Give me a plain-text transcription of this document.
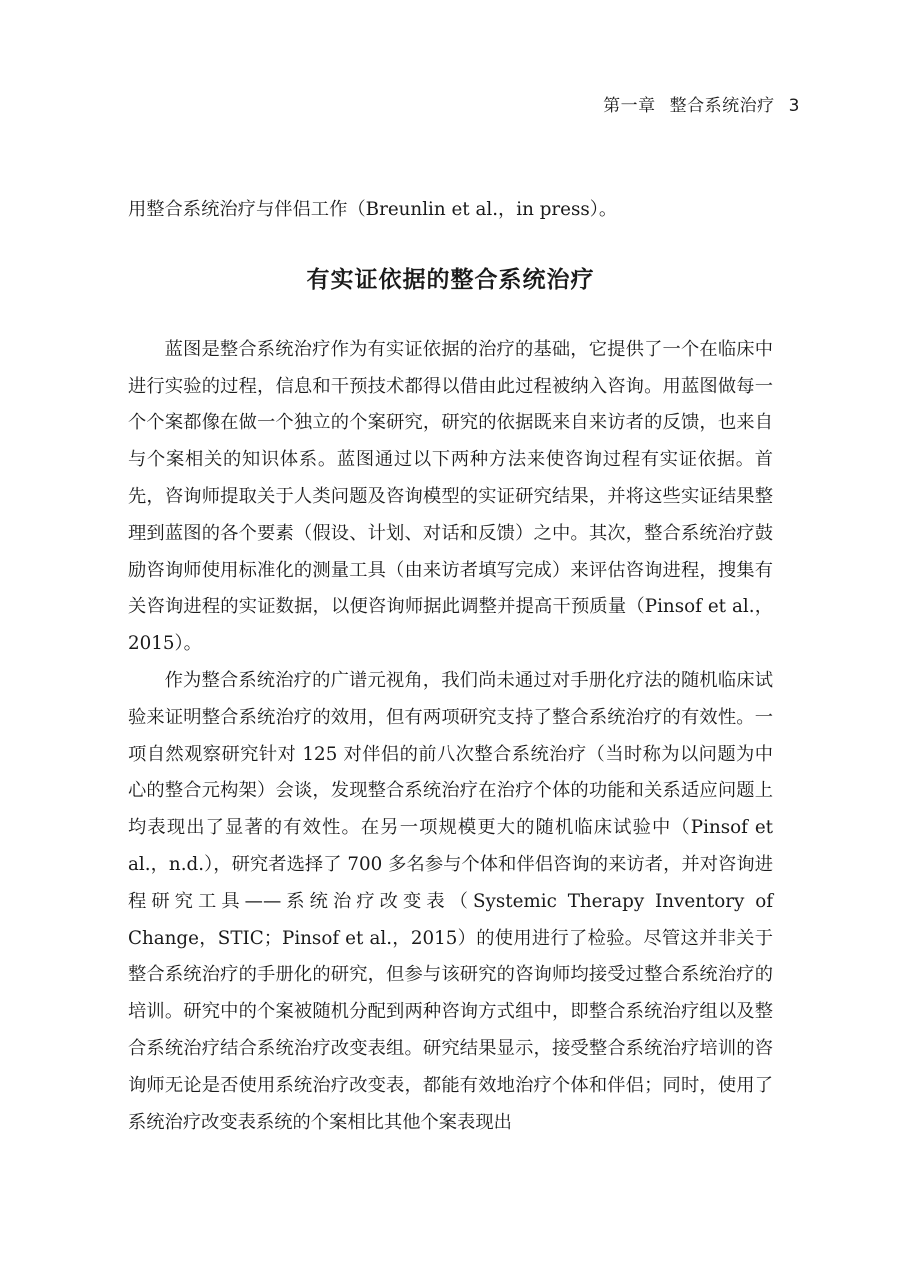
第一章 整合系统治疗 3

用整合系统治疗与伴侣工作（Breunlin et al.，in press）。

有实证依据的整合系统治疗

蓝图是整合系统治疗作为有实证依据的治疗的基础，它提供了一个在临床中进行实验的过程，信息和干预技术都得以借由此过程被纳入咨询。用蓝图做每一个个案都像在做一个独立的个案研究，研究的依据既来自来访者的反馈，也来自与个案相关的知识体系。蓝图通过以下两种方法来使咨询过程有实证依据。首先，咨询师提取关于人类问题及咨询模型的实证研究结果，并将这些实证结果整理到蓝图的各个要素（假设、计划、对话和反馈）之中。其次，整合系统治疗鼓励咨询师使用标准化的测量工具（由来访者填写完成）来评估咨询进程，搜集有关咨询进程的实证数据，以便咨询师据此调整并提高干预质量（Pinsof et al.，2015）。

作为整合系统治疗的广谱元视角，我们尚未通过对手册化疗法的随机临床试验来证明整合系统治疗的效用，但有两项研究支持了整合系统治疗的有效性。一项自然观察研究针对 125 对伴侣的前八次整合系统治疗（当时称为以问题为中心的整合元构架）会谈，发现整合系统治疗在治疗个体的功能和关系适应问题上均表现出了显著的有效性。在另一项规模更大的随机临床试验中（Pinsof et al.，n.d.），研究者选择了 700 多名参与个体和伴侣咨询的来访者，并对咨询进程研究工具——系统治疗改变表（Systemic Therapy Inventory of Change，STIC；Pinsof et al.，2015）的使用进行了检验。尽管这并非关于整合系统治疗的手册化的研究，但参与该研究的咨询师均接受过整合系统治疗的培训。研究中的个案被随机分配到两种咨询方式组中，即整合系统治疗组以及整合系统治疗结合系统治疗改变表组。研究结果显示，接受整合系统治疗培训的咨询师无论是否使用系统治疗改变表，都能有效地治疗个体和伴侣；同时，使用了系统治疗改变表系统的个案相比其他个案表现出
